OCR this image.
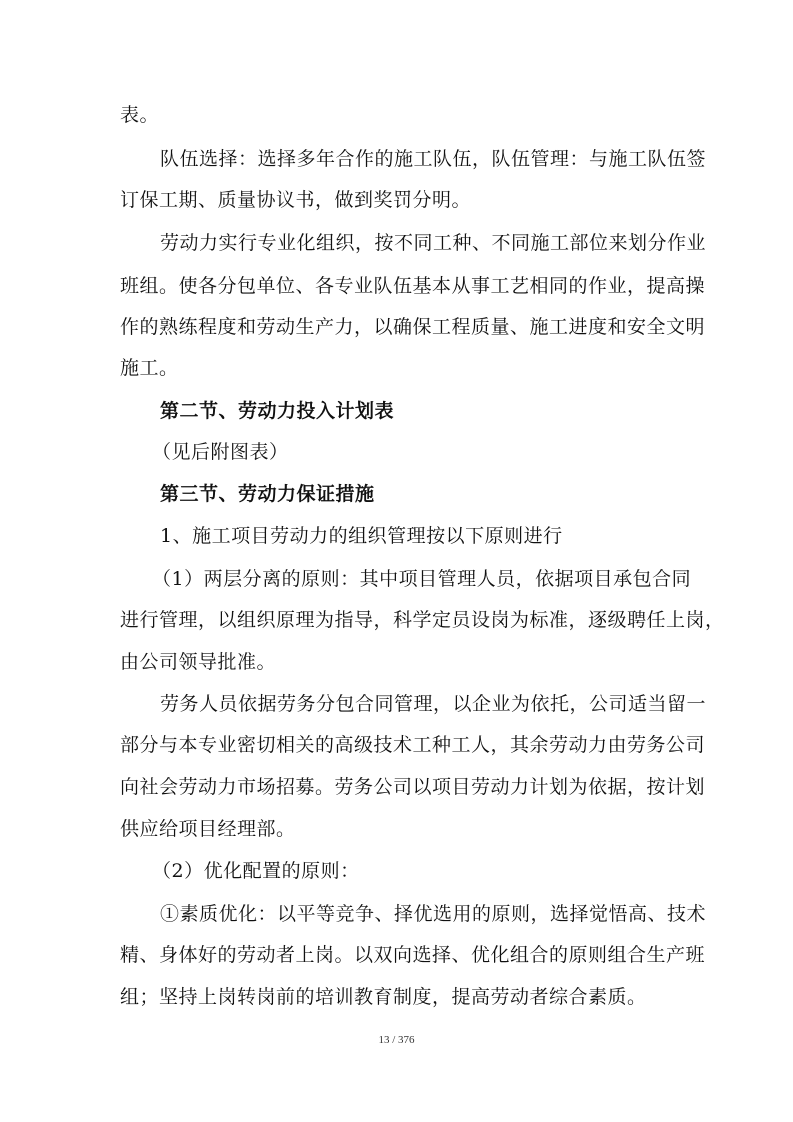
表。
队伍选择：选择多年合作的施工队伍，队伍管理：与施工队伍签
订保工期、质量协议书，做到奖罚分明。
劳动力实行专业化组织，按不同工种、不同施工部位来划分作业
班组。使各分包单位、各专业队伍基本从事工艺相同的作业，提高操
作的熟练程度和劳动生产力，以确保工程质量、施工进度和安全文明
施工。
第二节、劳动力投入计划表
（见后附图表）
第三节、劳动力保证措施
1、施工项目劳动力的组织管理按以下原则进行
（1）两层分离的原则：其中项目管理人员，依据项目承包合同
进行管理，以组织原理为指导，科学定员设岗为标准，逐级聘任上岗，
由公司领导批准。
劳务人员依据劳务分包合同管理，以企业为依托，公司适当留一
部分与本专业密切相关的高级技术工种工人，其余劳动力由劳务公司
向社会劳动力市场招募。劳务公司以项目劳动力计划为依据，按计划
供应给项目经理部。
（2）优化配置的原则：
①素质优化：以平等竞争、择优选用的原则，选择觉悟高、技术
精、身体好的劳动者上岗。以双向选择、优化组合的原则组合生产班
组；坚持上岗转岗前的培训教育制度，提高劳动者综合素质。
13 / 376
